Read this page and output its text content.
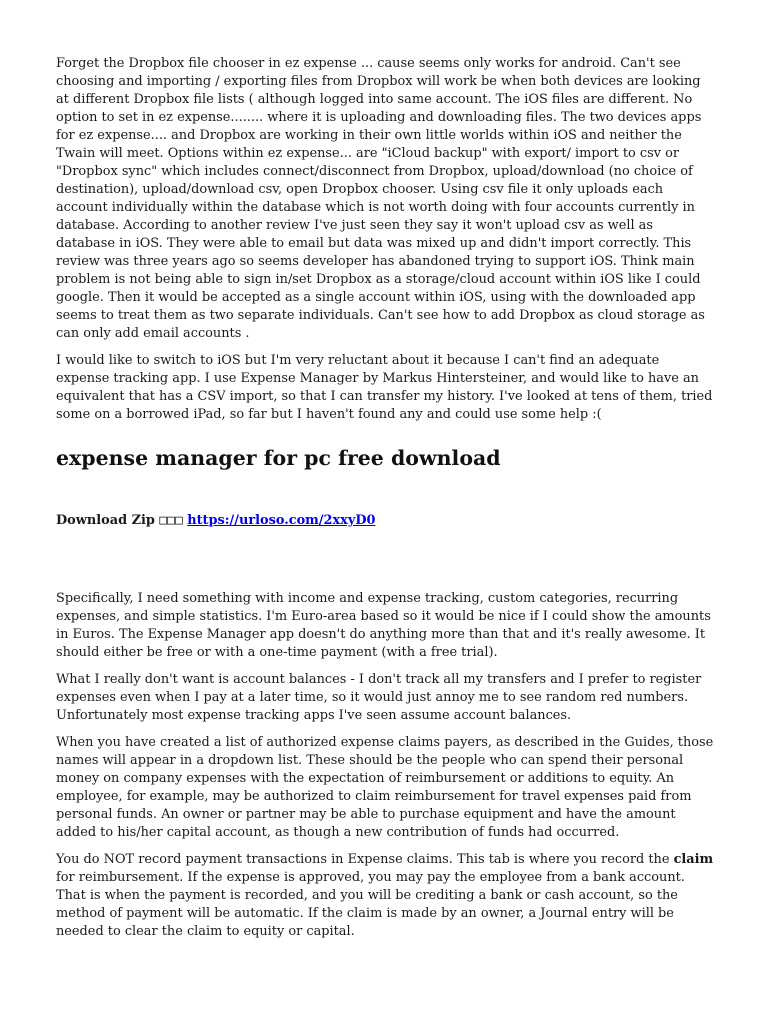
Forget the Dropbox file chooser in ez expense ... cause seems only works for android. Can't see choosing and importing / exporting files from Dropbox will work be when both devices are looking at different Dropbox file lists ( although logged into same account. The iOS files are different. No option to set in ez expense........ where it is uploading and downloading files. The two devices apps for ez expense.... and Dropbox are working in their own little worlds within iOS and neither the Twain will meet. Options within ez expense... are "iCloud backup" with export/ import to csv or "Dropbox sync" which includes connect/disconnect from Dropbox, upload/download (no choice of destination), upload/download csv, open Dropbox chooser. Using csv file it only uploads each account individually within the database which is not worth doing with four accounts currently in database. According to another review I've just seen they say it won't upload csv as well as database in iOS. They were able to email but data was mixed up and didn't import correctly. This review was three years ago so seems developer has abandoned trying to support iOS. Think main problem is not being able to sign in/set Dropbox as a storage/cloud account within iOS like I could google. Then it would be accepted as a single account within iOS, using with the downloaded app seems to treat them as two separate individuals. Can't see how to add Dropbox as cloud storage as can only add email accounts .

I would like to switch to iOS but I'm very reluctant about it because I can't find an adequate expense tracking app. I use Expense Manager by Markus Hintersteiner, and would like to have an equivalent that has a CSV import, so that I can transfer my history. I've looked at tens of them, tried some on a borrowed iPad, so far but I haven't found any and could use some help :(

expense manager for pc free download
Download Zip □□□ https://urloso.com/2xxyD0

Specifically, I need something with income and expense tracking, custom categories, recurring expenses, and simple statistics. I'm Euro-area based so it would be nice if I could show the amounts in Euros. The Expense Manager app doesn't do anything more than that and it's really awesome. It should either be free or with a one-time payment (with a free trial).

What I really don't want is account balances - I don't track all my transfers and I prefer to register expenses even when I pay at a later time, so it would just annoy me to see random red numbers. Unfortunately most expense tracking apps I've seen assume account balances.

When you have created a list of authorized expense claims payers, as described in the Guides, those names will appear in a dropdown list. These should be the people who can spend their personal money on company expenses with the expectation of reimbursement or additions to equity. An employee, for example, may be authorized to claim reimbursement for travel expenses paid from personal funds. An owner or partner may be able to purchase equipment and have the amount added to his/her capital account, as though a new contribution of funds had occurred.

You do NOT record payment transactions in Expense claims. This tab is where you record the claim for reimbursement. If the expense is approved, you may pay the employee from a bank account. That is when the payment is recorded, and you will be crediting a bank or cash account, so the method of payment will be automatic. If the claim is made by an owner, a Journal entry will be needed to clear the claim to equity or capital.
